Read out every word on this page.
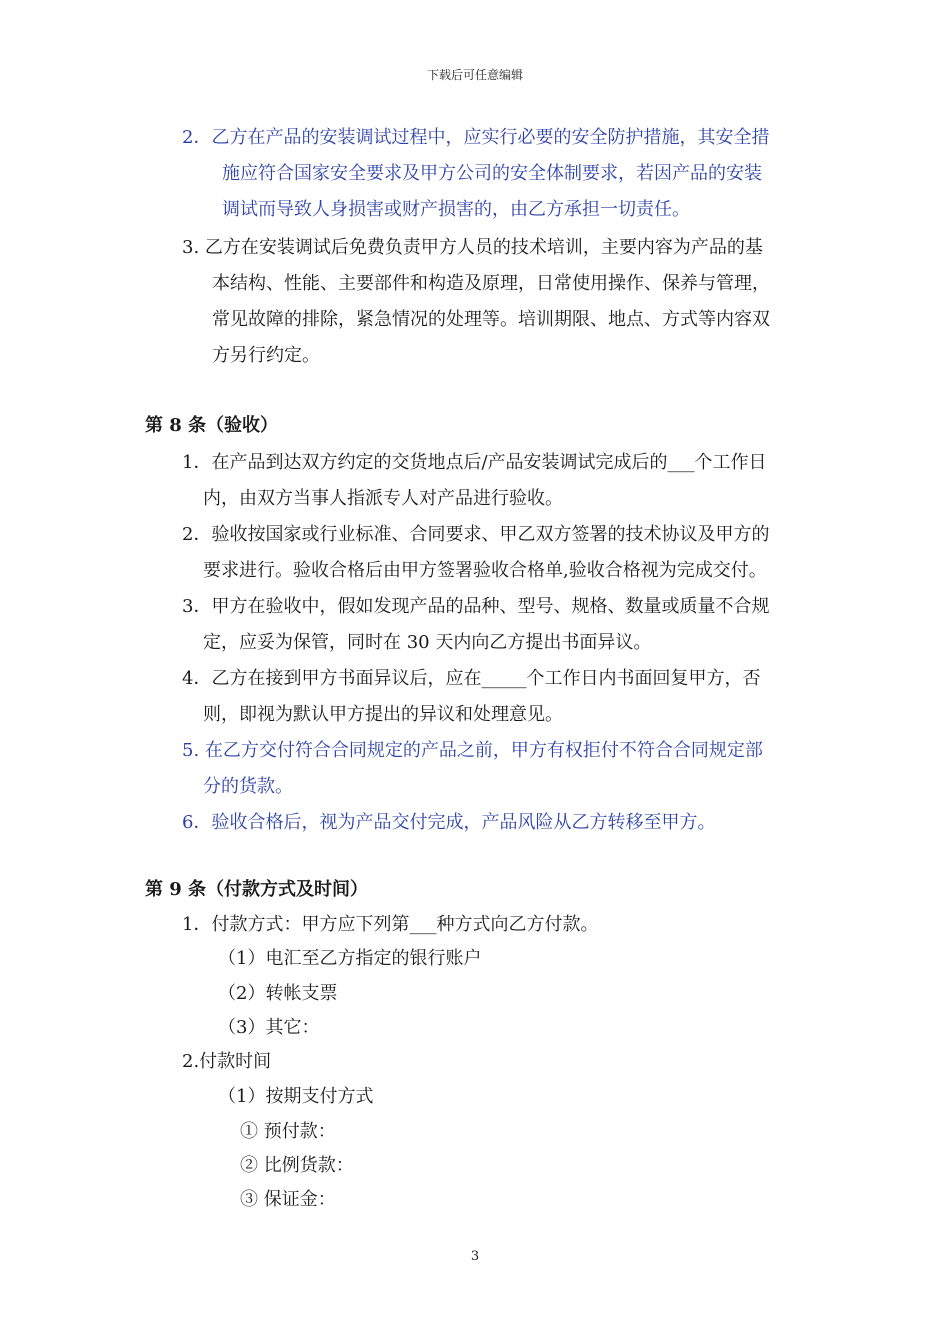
下载后可任意编辑
2．乙方在产品的安装调试过程中，应实行必要的安全防护措施，其安全措
施应符合国家安全要求及甲方公司的安全体制要求，若因产品的安装
调试而导致人身损害或财产损害的，由乙方承担一切责任。
3. 乙方在安装调试后免费负责甲方人员的技术培训，主要内容为产品的基
本结构、性能、主要部件和构造及原理，日常使用操作、保养与管理，
常见故障的排除，紧急情况的处理等。培训期限、地点、方式等内容双
方另行约定。
第 8 条（验收）
1．在产品到达双方约定的交货地点后/产品安装调试完成后的___个工作日
内，由双方当事人指派专人对产品进行验收。
2．验收按国家或行业标准、合同要求、甲乙双方签署的技术协议及甲方的
要求进行。验收合格后由甲方签署验收合格单,验收合格视为完成交付。
3．甲方在验收中，假如发现产品的品种、型号、规格、数量或质量不合规
定，应妥为保管，同时在 30 天内向乙方提出书面异议。
4．乙方在接到甲方书面异议后，应在_____个工作日内书面回复甲方，否
则，即视为默认甲方提出的异议和处理意见。
5. 在乙方交付符合合同规定的产品之前，甲方有权拒付不符合合同规定部
分的货款。
6．验收合格后，视为产品交付完成，产品风险从乙方转移至甲方。
第 9 条（付款方式及时间）
1．付款方式：甲方应下列第___种方式向乙方付款。
（1）电汇至乙方指定的银行账户
（2）转帐支票
（3）其它：
2.付款时间
（1）按期支付方式
① 预付款：
② 比例货款：
③ 保证金：
3
